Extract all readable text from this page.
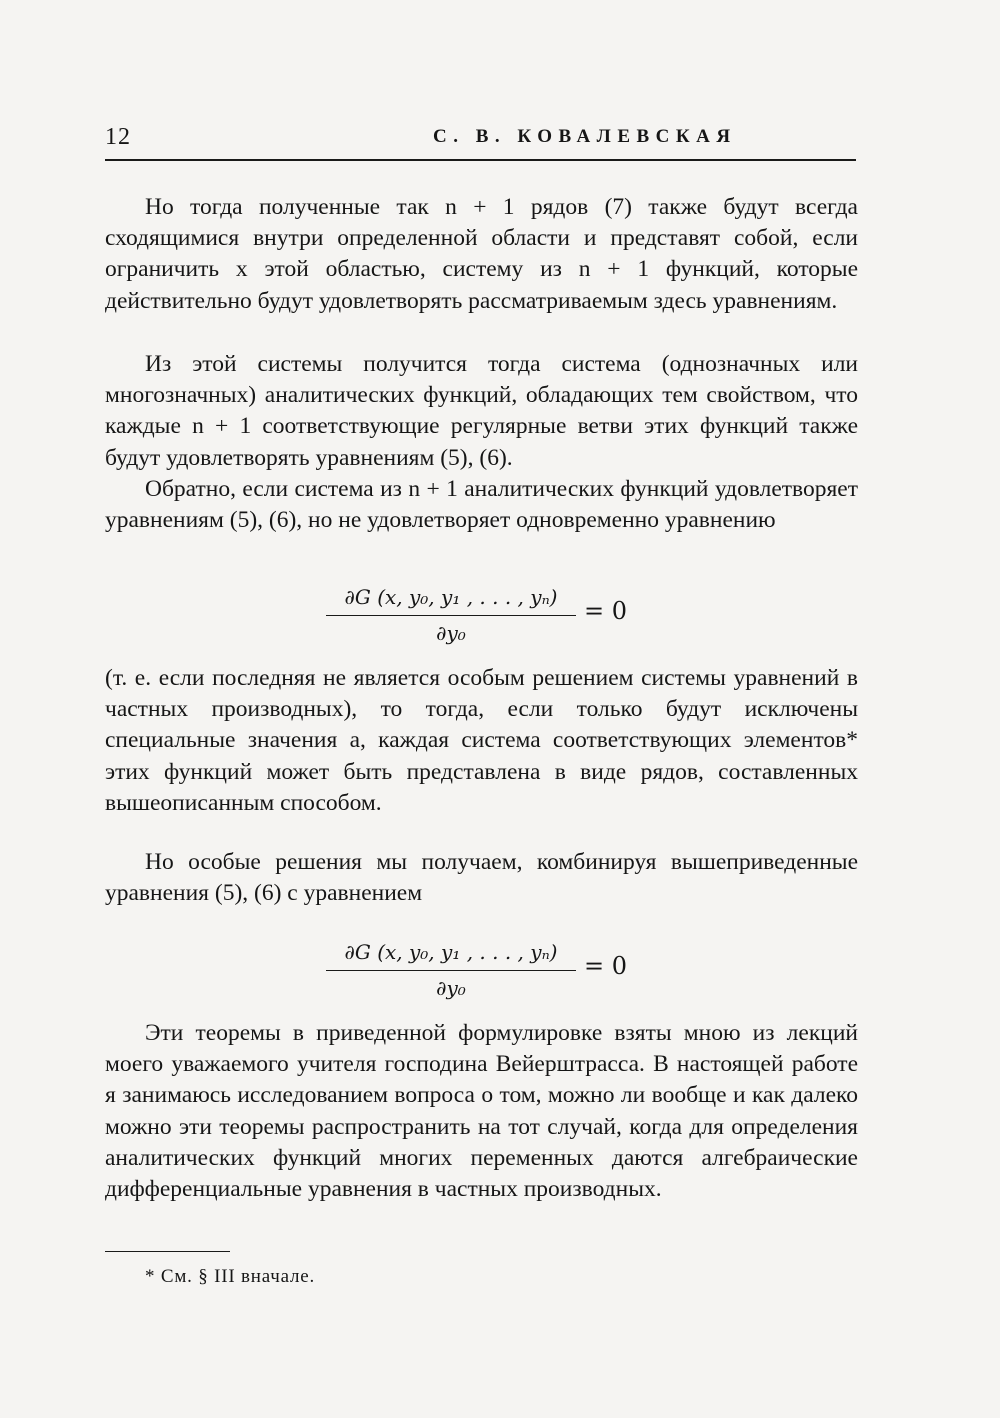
12	С. В. КОВАЛЕВСКАЯ

Но тогда полученные так n + 1 рядов (7) также будут всегда сходящимися внутри определенной области и представят собой, если ограничить x этой областью, систему из n + 1 функций, которые действительно будут удовлетворять рассматриваемым здесь уравнениям.

Из этой системы получится тогда система (однозначных или многозначных) аналитических функций, обладающих тем свойством, что каждые n + 1 соответствующие регулярные ветви этих функций также будут удовлетворять уравнениям (5), (6).

Обратно, если система из n + 1 аналитических функций удовлетворяет уравнениям (5), (6), но не удовлетворяет одновременно уравнению

$\frac{\text{∂G (x, y₀, y₁ , . . . , yₙ)}}{\text{∂y₀}} = 0$

(т. е. если последняя не является особым решением системы уравнений в частных производных), то тогда, если только будут исключены специальные значения a, каждая система соответствующих элементов* этих функций может быть представлена в виде рядов, составленных вышеописанным способом.

Но особые решения мы получаем, комбинируя вышеприведенные уравнения (5), (6) с уравнением

$\frac{\text{∂G (x, y₀, y₁ , . . . , yₙ)}}{\text{∂y₀}} = 0$

Эти теоремы в приведенной формулировке взяты мною из лекций моего уважаемого учителя господина Вейерштрасса. В настоящей работе я занимаюсь исследованием вопроса о том, можно ли вообще и как далеко можно эти теоремы распространить на тот случай, когда для определения аналитических функций многих переменных даются алгебраические дифференциальные уравнения в частных производных.

* См. § III вначале.
